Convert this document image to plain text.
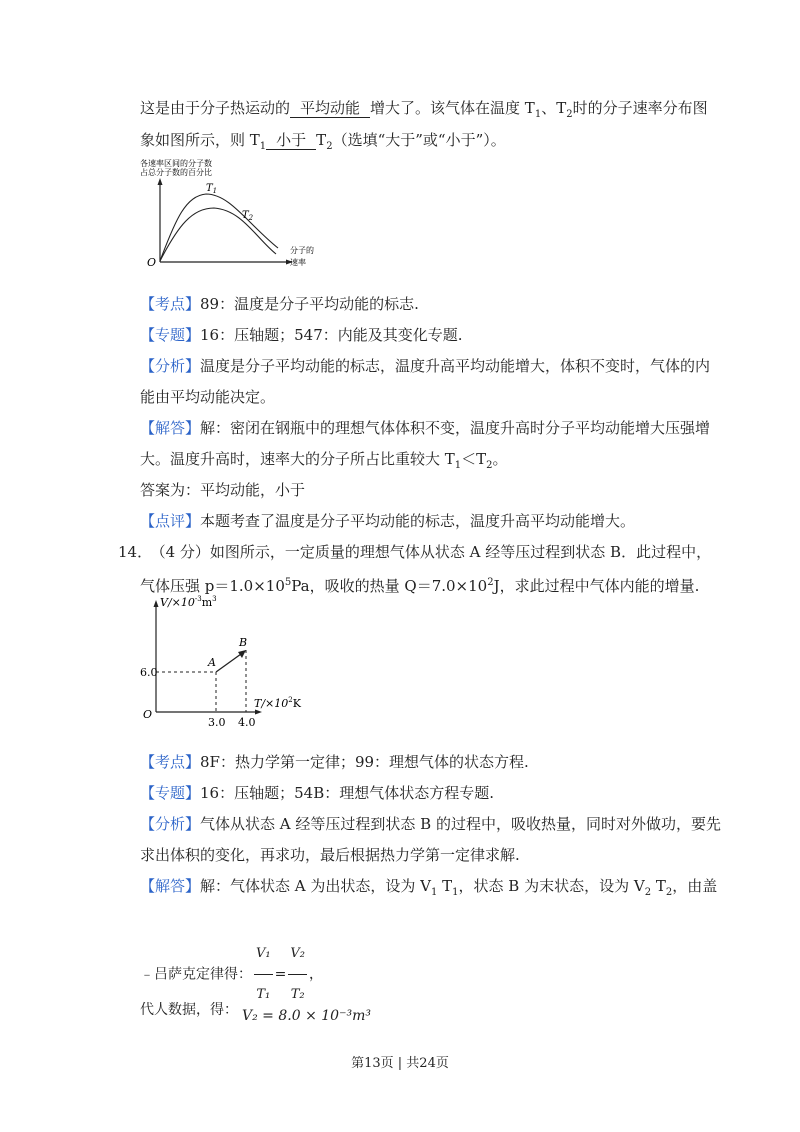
这是由于分子热运动的 平均动能 增大了。该气体在温度 $T_1$、$T_2$时的分子速率分布图
象如图所示，则 $T_1$ 小于 $T_2$（选填“大于”或“小于”）。
各速率区间的分子数
占总分子数的百分比
O
分子的
速率
$T_1$
$T_2$
【考点】89：温度是分子平均动能的标志.
【专题】16：压轴题；547：内能及其变化专题.
【分析】温度是分子平均动能的标志，温度升高平均动能增大，体积不变时，气体的内
能由平均动能决定。
【解答】解：密闭在钢瓶中的理想气体体积不变，温度升高时分子平均动能增大压强增
大。温度升高时，速率大的分子所占比重较大 $T_1<T_2$。
答案为：平均动能，小于
【点评】本题考查了温度是分子平均动能的标志，温度升高平均动能增大。
14． （4 分）如图所示，一定质量的理想气体从状态 A 经等压过程到状态 B．此过程中，
气体压强 $p=1.0\times 10^5Pa$，吸收的热量 $Q=7.0\times 10^2J$，求此过程中气体内能的增量.
$V/\times 10^{-3}m^3$
$T/\times 10^2K$
O
6.0
3.0 4.0
A
B
【考点】8F：热力学第一定律；99：理想气体的状态方程.
【专题】16：压轴题；54B：理想气体状态方程专题.
【分析】气体从状态 A 经等压过程到状态 B 的过程中，吸收热量，同时对外做功，要先
求出体积的变化，再求功，最后根据热力学第一定律求解.
【解答】解：气体状态 A 为出状态，设为 $V_1$ $T_1$，状态 B 为末状态，设为 $V_2$ $T_2$，由盖
﹣吕萨克定律得： $\frac{\text{V₁}}{\text{T₁}} = \frac{\text{V₂}}{\text{T₂}}$ ，
代人数据，得： V₂ = 8.0 × 10⁻³m³
第13页 | 共24页
